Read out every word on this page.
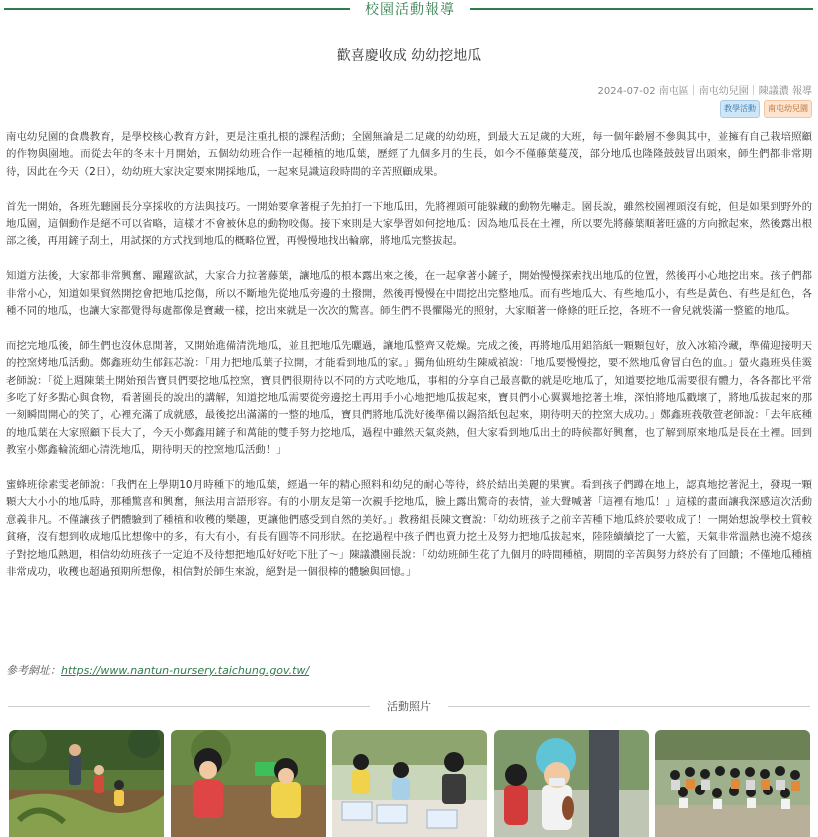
校園活動報導
歡喜慶收成 幼幼挖地瓜
2024-07-02 南屯區｜南屯幼兒園｜陳議濃 報導
教學活動	南屯幼兒園

南屯幼兒園的食農教育，是學校核心教育方針，更是注重扎根的課程活動；全園無論是二足歲的幼幼班，到最大五足歲的大班，每一個年齡層不參與其中，並擁有自己栽培照顧的作物與園地。而從去年的冬末十月開始，五個幼幼班合作一起種植的地瓜葉，歷經了九個多月的生長，如今不僅藤葉蔓茂，部分地瓜也隆隆鼓鼓冒出頭來，師生們都非常期待，因此在今天（2日），幼幼班大家決定要來開採地瓜，一起來見識這段時間的辛苦照顧成果。

首先一開始，各班先聽園長分享採收的方法與技巧。一開始要拿著棍子先拍打一下地瓜田，先將裡頭可能躲藏的動物先嚇走。園長說，雖然校園裡頭沒有蛇，但是如果到野外的地瓜園，這個動作是絕不可以省略，這樣才不會被休息的動物咬傷。接下來則是大家學習如何挖地瓜：因為地瓜長在土裡，所以要先將藤葉順著旺盛的方向掀起來，然後露出根部之後，再用鏟子刮土，用試探的方式找到地瓜的概略位置，再慢慢地找出輪廓，將地瓜完整拔起。

知道方法後，大家都非常興奮、躍躍欲試，大家合力拉著藤葉，讓地瓜的根本露出來之後，在一起拿著小鏟子，開始慢慢探索找出地瓜的位置，然後再小心地挖出來。孩子們都非常小心，知道如果貿然開挖會把地瓜挖傷，所以不斷地先從地瓜旁邊的土撥開，然後再慢慢在中間挖出完整地瓜。而有些地瓜大、有些地瓜小，有些是黃色、有些是紅色，各種不同的地瓜，也讓大家都覺得每處都像是寶藏一樣，挖出來就是一次次的驚喜。師生們不畏懼陽光的照射，大家順著一條條的旺丘挖，各班不一會兒就裝滿一整籃的地瓜。

而挖完地瓜後，師生們也沒休息閒著，又開始進備清洗地瓜，並且把地瓜先曬過，讓地瓜整齊又乾燥。完成之後，再將地瓜用鋁箔紙一顆顆包好，放入冰箱冷藏，準備迎接明天的控窯烤地瓜活動。鄭鑫班幼生郁鈺芯說：「用力把地瓜葉子拉開，才能看到地瓜的家。」獨角仙班幼生陳威禎說：「地瓜要慢慢挖，要不然地瓜會冒白色的血。」螢火蟲班吳佳霙老師說：「從上週陳葉土開始預告寶貝們要挖地瓜控窯，寶貝們很期待以不同的方式吃地瓜，事相的分享自己最喜歡的就是吃地瓜了，知道要挖地瓜需要很有體力，各各都比平常多吃了好多點心與食物，看著園長的說出的講解，知道挖地瓜需要從旁邊挖土再用手小心地把地瓜拔起來，寶貝們小心翼翼地挖著土堆，深怕將地瓜戳壞了，將地瓜拔起來的那一刻瞬間開心的笑了，心裡充滿了成就感，最後挖出滿滿的一整的地瓜，寶貝們將地瓜洗好後準備以錫箔紙包起來，期待明天的控窯大成功。」鄭鑫班莪敬萱老師說：「去年底種的地瓜葉在大家照顧下長大了，今天小鄭鑫用鏟子和萬能的雙手努力挖地瓜，過程中雖然天氣炎熱，但大家看到地瓜出土的時候都好興奮，也了解到原來地瓜是長在土裡。回到教室小鄭鑫輪流細心清洗地瓜，期待明天的控窯地瓜活動！」

蜜蜂班徐素雯老師說：「我們在上學期10月時種下的地瓜葉，經過一年的精心照料和幼兒的耐心等待，終於結出美麗的果實。看到孩子們蹲在地上，認真地挖著泥土，發現一顆顆大大小小的地瓜時，那種驚喜和興奮，無法用言語形容。有的小朋友是第一次親手挖地瓜，臉上露出驚奇的表情，並大聲喊著「這裡有地瓜！」這樣的畫面讓我深感這次活動意義非凡。不僅讓孩子們體驗到了種植和收穫的樂趣，更讓他們感受到自然的美好。」教務組長陳文寶說：「幼幼班孩子之前辛苦種下地瓜終於要收成了！一開始想說學校土質較貧瘠，沒有想到收成地瓜比想像中的多，有大有小，有長有圓等不同形狀。在挖過程中孩子們也賣力挖土及努力把地瓜拔起來，陸陸續續挖了一大籃，天氣非常溫熱也澆不熄孩子對挖地瓜熱迴，相信幼幼班孩子一定迫不及待想把地瓜好好吃下肚了～」陳議濃園長說：「幼幼班師生花了九個月的時間種植，期間的辛苦與努力終於有了回饋；不僅地瓜種植非常成功，收穫也超過預期所想像，相信對於師生來說，絕對是一個很棒的體驗與回憶。」

參考網址：https://www.nantun-nursery.taichung.gov.tw/
活動照片
